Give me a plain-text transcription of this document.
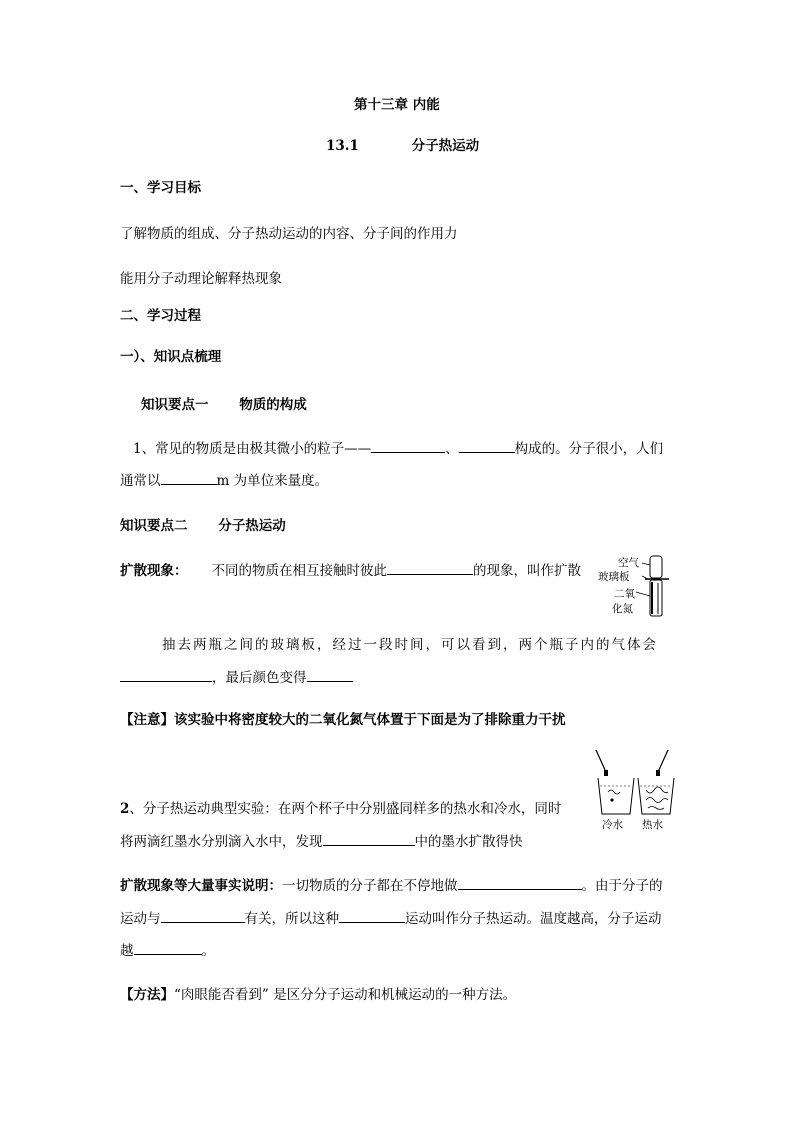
第十三章 内能
13.1	分子热运动
一、学习目标
了解物质的组成、分子热动运动的内容、分子间的作用力
能用分子动理论解释热现象
二、学习过程
一）、知识点梳理
知识要点一 物质的构成
1、常见的物质是由极其微小的粒子——	、	构成的。分子很小，人们
通常以	m 为单位来量度。
知识要点二 分子热运动
扩散现象： 不同的物质在相互接触时彼此	的现象，叫作扩散	空气
玻璃板
二氧
化氮
抽去两瓶之间的玻璃板，经过一段时间，可以看到，两个瓶子内的气体会
，最后颜色变得
【注意】该实验中将密度较大的二氧化氮气体置于下面是为了排除重力干扰
冷水 热水
2、分子热运动典型实验：在两个杯子中分别盛同样多的热水和冷水，同时
将两滴红墨水分别滴入水中，发现	中的墨水扩散得快
扩散现象等大量事实说明：一切物质的分子都在不停地做	。由于分子的
运动与	有关，所以这种	运动叫作分子热运动。温度越高，分子运动
越	。
【方法】“肉眼能否看到” 是区分分子运动和机械运动的一种方法。
